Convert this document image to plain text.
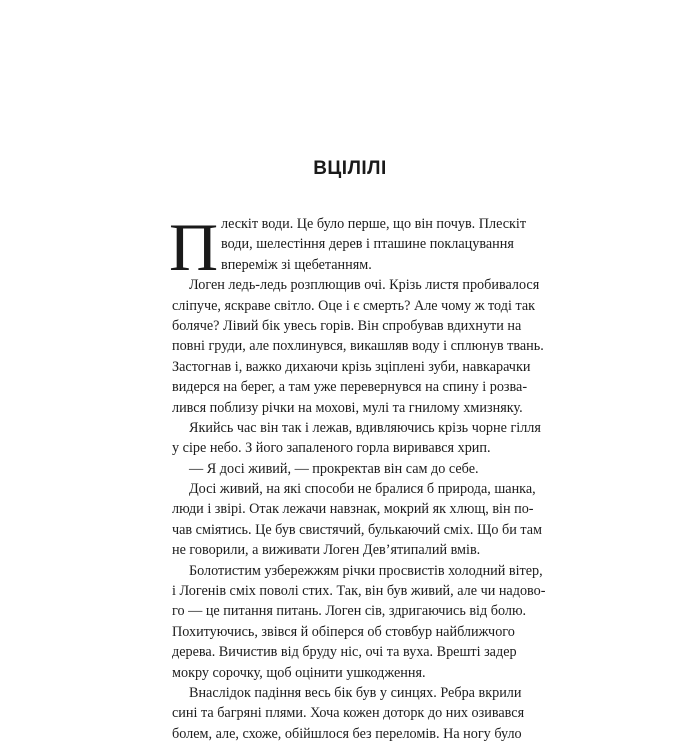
ВЦІЛІЛІ
П лескіт води. Це було перше, що він почув. Плескіт
води, шелестіння дерев і пташине поклацування
впереміж зі щебетанням.
Логен ледь-ледь розплющив очі. Крізь листя пробивалося
сліпуче, яскраве світло. Оце і є смерть? Але чому ж тоді так
боляче? Лівий бік увесь горів. Він спробував вдихнути на
повні груди, але похлинувся, викашляв воду і сплюнув твань.
Застогнав і, важко дихаючи крізь зціплені зуби, навкарачки
видерся на берег, а там уже перевернувся на спину і розва-
лився поблизу річки на мохові, мулі та гнилому хмизняку.
Якийсь час він так і лежав, вдивляючись крізь чорне гілля
у сіре небо. З його запаленого горла виривався хрип.
— Я досі живий, — прокректав він сам до себе.
Досі живий, на які способи не бралися б природа, шанка,
люди і звірі. Отак лежачи навзнак, мокрий як хлющ, він по-
чав сміятись. Це був свистячий, булькаючий сміх. Що би там
не говорили, а виживати Логен Дев’ятипалий вмів.
Болотистим узбережжям річки просвистів холодний вітер,
і Логенів сміх поволі стих. Так, він був живий, але чи надово-
го — це питання питань. Логен сів, здригаючись від болю.
Похитуючись, звівся й обіперся об стовбур найближчого
дерева. Вичистив від бруду ніс, очі та вуха. Врешті задер
мокру сорочку, щоб оцінити ушкодження.
Внаслідок падіння весь бік був у синцях. Ребра вкрили
сині та багряні плями. Хоча кожен доторк до них озивався
болем, але, схоже, обійшлося без переломів. На ногу було
